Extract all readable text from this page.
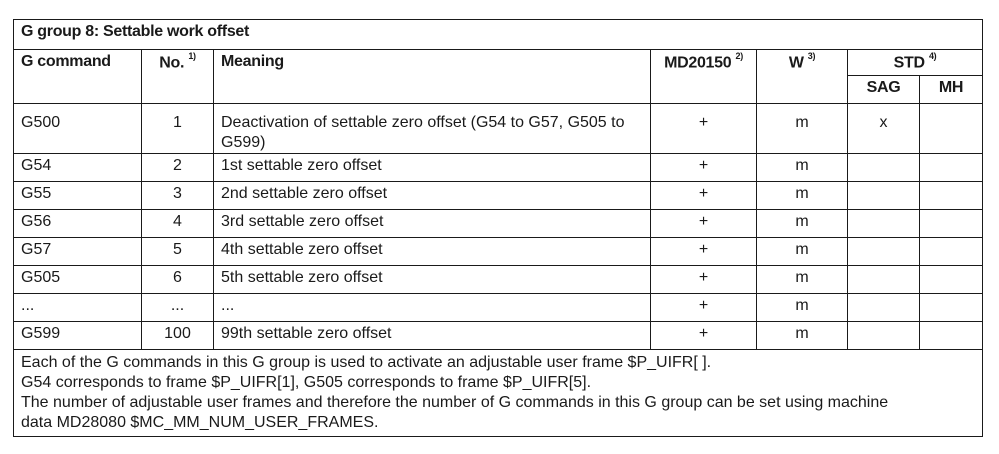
G group 8: Settable work offset						

G command	No. $^{1)}$	Meaning	MD20150 $^{2)}$	W $^{3)}$	STD $^{4)}$

					SAG	MH

G500	1	Deactivation of settable zero offset (G54 to G57, G505 to G599)	+	m	x	

G54	2	1st settable zero offset	+	m		

G55	3	2nd settable zero offset	+	m		

G56	4	3rd settable zero offset	+	m		

G57	5	4th settable zero offset	+	m		

G505	6	5th settable zero offset	+	m		

...	...	...	+	m		

G599	100	99th settable zero offset	+	m		

Each of the G commands in this G group is used to activate an adjustable user frame $P_UIFR[ ].
G54 corresponds to frame $P_UIFR[1], G505 corresponds to frame $P_UIFR[5].
The number of adjustable user frames and therefore the number of G commands in this G group can be set using machine
data MD28080 $MC_MM_NUM_USER_FRAMES.						
